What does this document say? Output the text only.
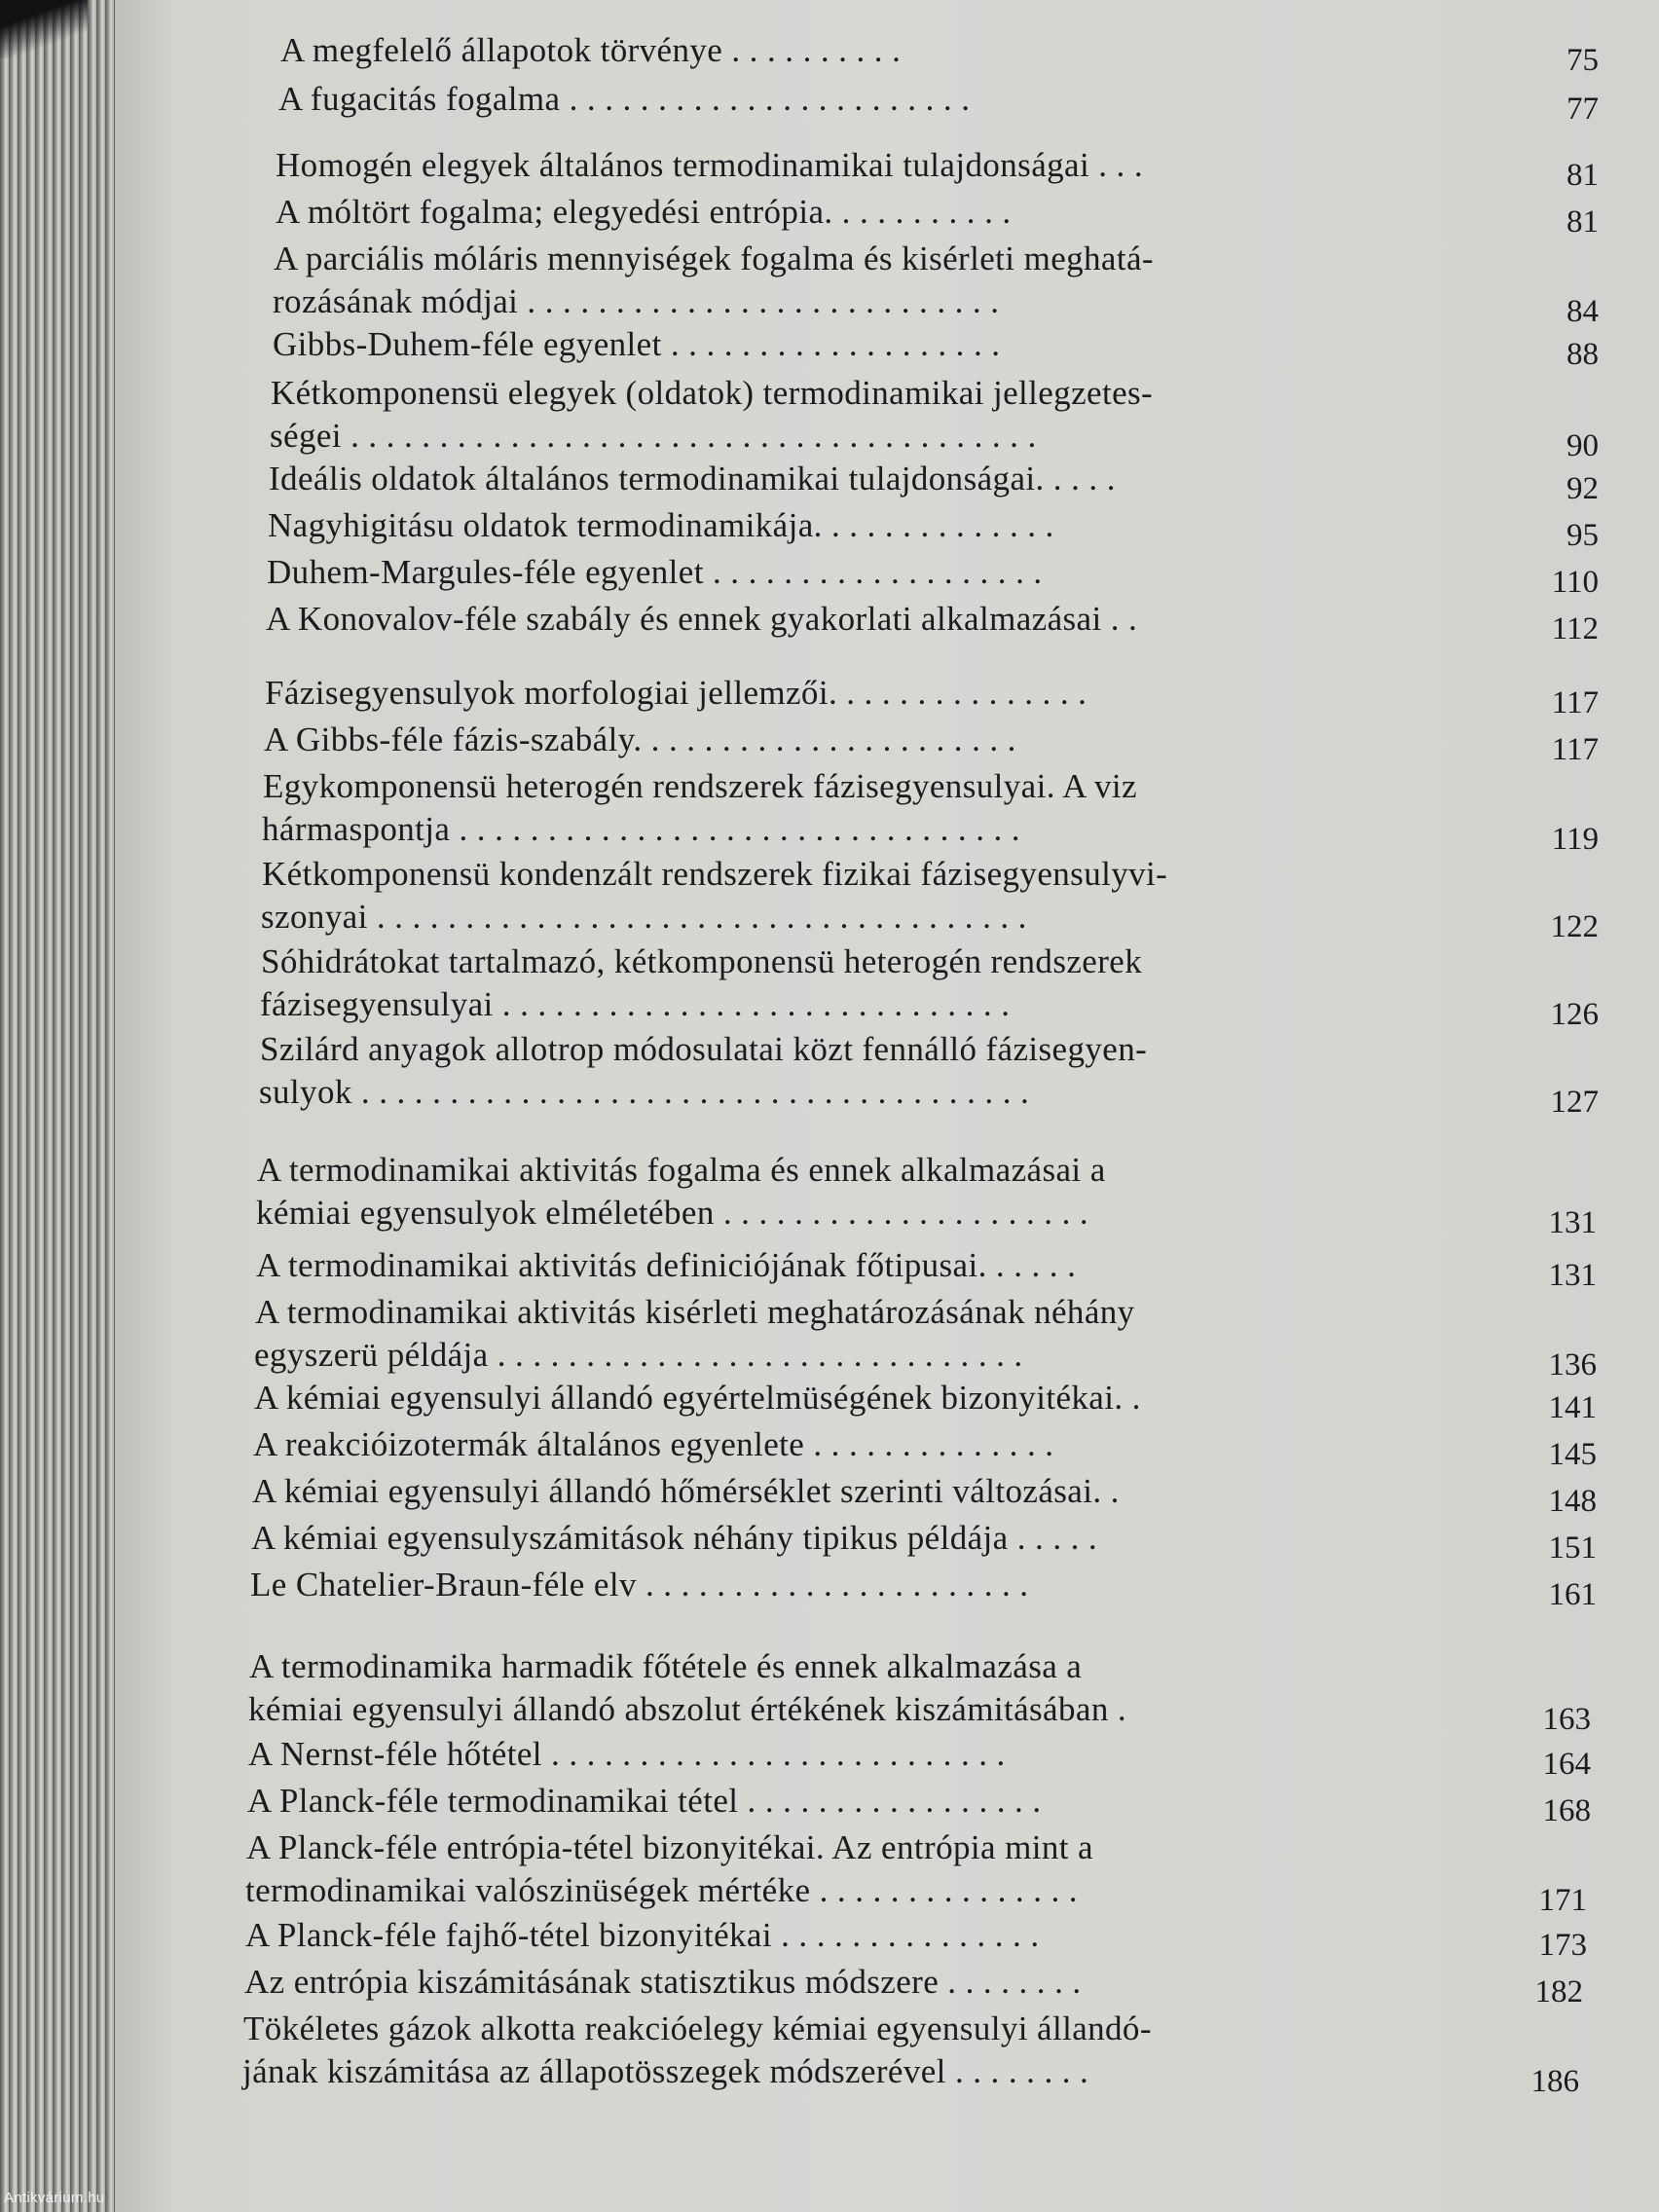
A megfelelő állapotok törvénye . . . . . . . . . .	75
A fugacitás fogalma . . . . . . . . . . . . . . . . . . . . . . .	77
Homogén elegyek általános termodinamikai tulajdonságai . . .	81
A móltört fogalma; elegyedési entrópia. . . . . . . . . . .	81
A parciális móláris mennyiségek fogalma és kisérleti meghatá-
rozásának módjai . . . . . . . . . . . . . . . . . . . . . . . . . . .	84
Gibbs-Duhem-féle egyenlet . . . . . . . . . . . . . . . . . . .	88
Kétkomponensü elegyek (oldatok) termodinamikai jellegzetes-
ségei . . . . . . . . . . . . . . . . . . . . . . . . . . . . . . . . . . . . . . .	90
Ideális oldatok általános termodinamikai tulajdonságai. . . . .	92
Nagyhigitásu oldatok termodinamikája. . . . . . . . . . . . . .	95
Duhem-Margules-féle egyenlet . . . . . . . . . . . . . . . . . . .	110
A Konovalov-féle szabály és ennek gyakorlati alkalmazásai . .	112
Fázisegyensulyok morfologiai jellemzői. . . . . . . . . . . . . . .	117
A Gibbs-féle fázis-szabály. . . . . . . . . . . . . . . . . . . . . .	117
Egykomponensü heterogén rendszerek fázisegyensulyai. A viz
hármaspontja . . . . . . . . . . . . . . . . . . . . . . . . . . . . . . . .	119
Kétkomponensü kondenzált rendszerek fizikai fázisegyensulyvi-
szonyai . . . . . . . . . . . . . . . . . . . . . . . . . . . . . . . . . . . . .	122
Sóhidrátokat tartalmazó, kétkomponensü heterogén rendszerek
fázisegyensulyai . . . . . . . . . . . . . . . . . . . . . . . . . . . . .	126
Szilárd anyagok allotrop módosulatai közt fennálló fázisegyen-
sulyok . . . . . . . . . . . . . . . . . . . . . . . . . . . . . . . . . . . . . .	127
A termodinamikai aktivitás fogalma és ennek alkalmazásai a
kémiai egyensulyok elméletében . . . . . . . . . . . . . . . . . . . . .	131
A termodinamikai aktivitás definiciójának főtipusai. . . . . .	131
A termodinamikai aktivitás kisérleti meghatározásának néhány
egyszerü példája . . . . . . . . . . . . . . . . . . . . . . . . . . . . . .	136
A kémiai egyensulyi állandó egyértelmüségének bizonyitékai. .	141
A reakcióizotermák általános egyenlete . . . . . . . . . . . . . .	145
A kémiai egyensulyi állandó hőmérséklet szerinti változásai. .	148
A kémiai egyensulyszámitások néhány tipikus példája . . . . .	151
Le Chatelier-Braun-féle elv . . . . . . . . . . . . . . . . . . . . . .	161
A termodinamika harmadik főtétele és ennek alkalmazása a
kémiai egyensulyi állandó abszolut értékének kiszámitásában .	163
A Nernst-féle hőtétel . . . . . . . . . . . . . . . . . . . . . . . . . .	164
A Planck-féle termodinamikai tétel . . . . . . . . . . . . . . . . .	168
A Planck-féle entrópia-tétel bizonyitékai. Az entrópia mint a
termodinamikai valószinüségek mértéke . . . . . . . . . . . . . . .	171
A Planck-féle fajhő-tétel bizonyitékai . . . . . . . . . . . . . . .	173
Az entrópia kiszámitásának statisztikus módszere . . . . . . . .	182
Tökéletes gázok alkotta reakcióelegy kémiai egyensulyi állandó-
jának kiszámitása az állapotösszegek módszerével . . . . . . . .	186
Antikvárium.hu
